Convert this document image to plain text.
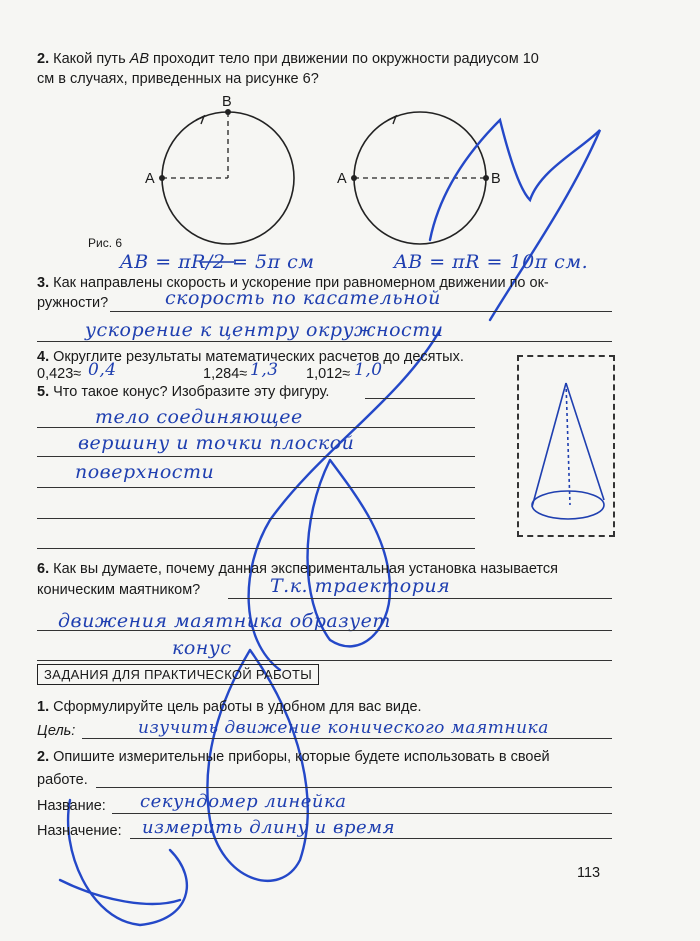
2. Какой путь AB проходит тело при движении по окружности радиусом 10
см в случаях, приведенных на рисунке 6?
B
A	A	B
Рис. 6
AB = πR/2 = 5π см	AB = πR = 10π см.
3. Как направлены скорость и ускорение при равномерном движении по ок-
ружности?	скорость по касательной
ускорение к центру окружности
4. Округлите результаты математических расчетов до десятых.
0,423≈ 0,4	1,284≈ 1,3 1,012≈ 1,0
5. Что такое конус? Изобразите эту фигуру.
тело соединяющее
вершину и точки плоской
поверхности
6. Как вы думаете, почему данная экспериментальная установка называется
коническим маятником?	Т.к. траектория
движения маятника образует
конус
ЗАДАНИЯ ДЛЯ ПРАКТИЧЕСКОЙ РАБОТЫ
1. Сформулируйте цель работы в удобном для вас виде.
Цель:	изучить движение конического маятника
2. Опишите измерительные приборы, которые будете использовать в своей
работе.
Название: секундомер линейка
Назначение: измерить длину и время
113
